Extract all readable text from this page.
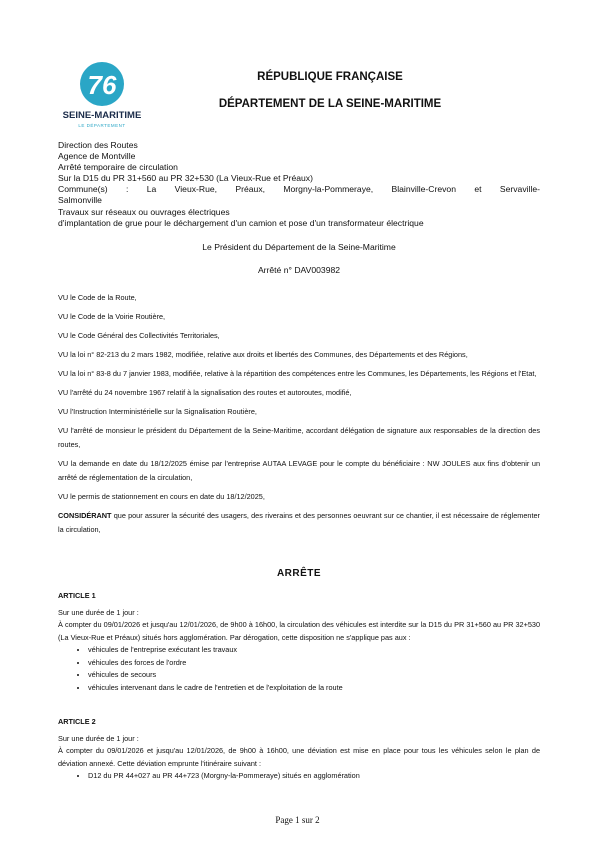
76
SEINE-MARITIME
LE DÉPARTEMENT
RÉPUBLIQUE FRANÇAISE
DÉPARTEMENT DE LA SEINE-MARITIME
Direction des Routes
Agence de Montville
Arrêté temporaire de circulation
Sur la D15 du PR 31+560 au PR 32+530 (La Vieux-Rue et Préaux)
Commune(s) : La Vieux-Rue, Préaux, Morgny-la-Pommeraye, Blainville-Crevon et Servaville-
Salmonville
Travaux sur réseaux ou ouvrages électriques
d'implantation de grue pour le déchargement d'un camion et pose d'un transformateur électrique
Le Président du Département de la Seine-Maritime
Arrêté n° DAV003982

VU le Code de la Route,

VU le Code de la Voirie Routière,

VU le Code Général des Collectivités Territoriales,

VU la loi n° 82-213 du 2 mars 1982, modifiée, relative aux droits et libertés des Communes, des Départements et des Régions,

VU la loi n° 83-8 du 7 janvier 1983, modifiée, relative à la répartition des compétences entre les Communes, les Départements, les Régions et l'Etat,

VU l'arrêté du 24 novembre 1967 relatif à la signalisation des routes et autoroutes, modifié,

VU l'Instruction Interministérielle sur la Signalisation Routière,

VU l'arrêté de monsieur le président du Département de la Seine-Maritime, accordant délégation de signature aux responsables de la direction des routes,

VU la demande en date du 18/12/2025 émise par l'entreprise AUTAA LEVAGE pour le compte du bénéficiaire : NW JOULES aux fins d'obtenir un arrêté de réglementation de la circulation,

VU le permis de stationnement en cours en date du 18/12/2025,

CONSIDÉRANT que pour assurer la sécurité des usagers, des riverains et des personnes oeuvrant sur ce chantier, il est nécessaire de réglementer la circulation,

ARRÊTE
ARTICLE 1
Sur une durée de 1 jour :
À compter du 09/01/2026 et jusqu'au 12/01/2026, de 9h00 à 16h00, la circulation des véhicules est interdite sur la D15 du PR 31+560 au PR 32+530 (La Vieux-Rue et Préaux) situés hors agglomération. Par dérogation, cette disposition ne s'applique pas aux :
• véhicules de l'entreprise exécutant les travaux
• véhicules des forces de l'ordre
• véhicules de secours
• véhicules intervenant dans le cadre de l'entretien et de l'exploitation de la route
ARTICLE 2
Sur une durée de 1 jour :
À compter du 09/01/2026 et jusqu'au 12/01/2026, de 9h00 à 16h00, une déviation est mise en place pour tous les véhicules selon le plan de déviation annexé. Cette déviation emprunte l'itinéraire suivant :
• D12 du PR 44+027 au PR 44+723 (Morgny-la-Pommeraye) situés en agglomération
Page 1 sur 2
